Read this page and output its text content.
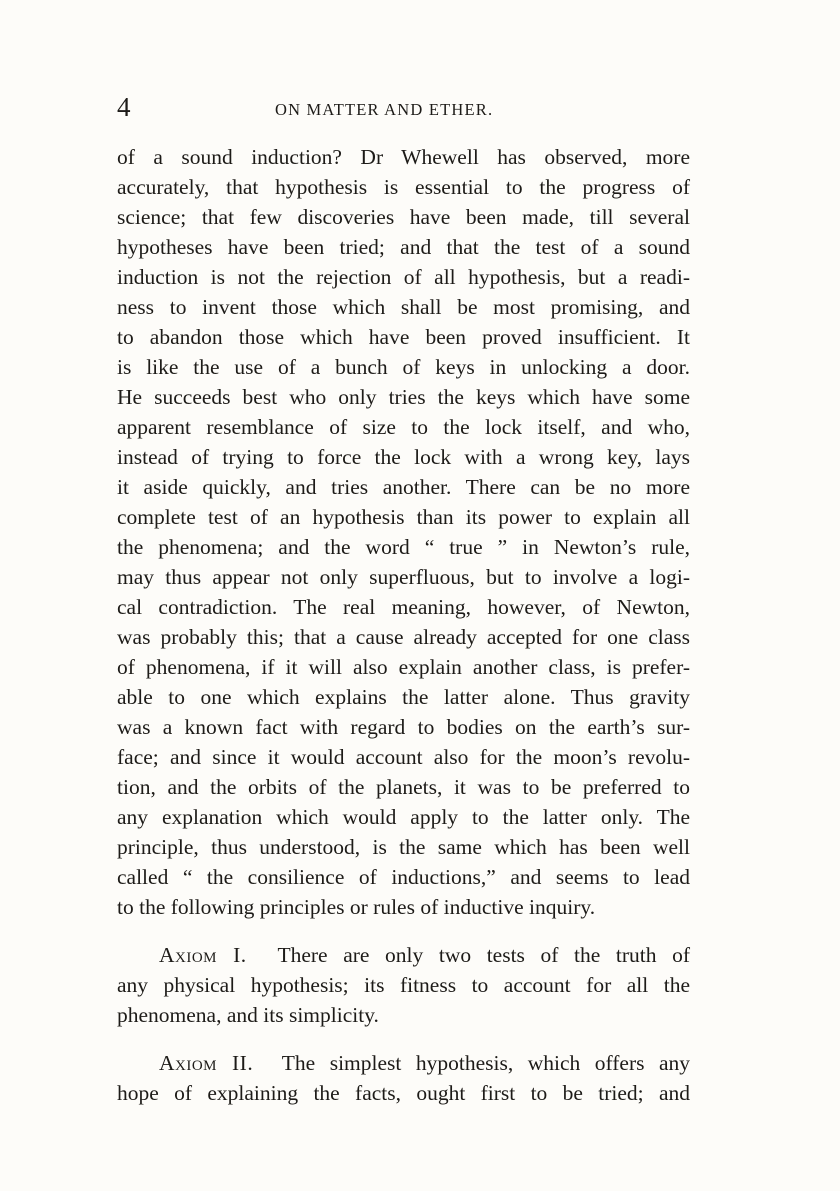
4	ON MATTER AND ETHER.
of a sound induction? Dr Whewell has observed, more
accurately, that hypothesis is essential to the progress of
science; that few discoveries have been made, till several
hypotheses have been tried; and that the test of a sound
induction is not the rejection of all hypothesis, but a readi-
ness to invent those which shall be most promising, and
to abandon those which have been proved insufficient. It
is like the use of a bunch of keys in unlocking a door.
He succeeds best who only tries the keys which have some
apparent resemblance of size to the lock itself, and who,
instead of trying to force the lock with a wrong key, lays
it aside quickly, and tries another. There can be no more
complete test of an hypothesis than its power to explain all
the phenomena; and the word “ true ” in Newton’s rule,
may thus appear not only superfluous, but to involve a logi-
cal contradiction. The real meaning, however, of Newton,
was probably this; that a cause already accepted for one class
of phenomena, if it will also explain another class, is prefer-
able to one which explains the latter alone. Thus gravity
was a known fact with regard to bodies on the earth’s sur-
face; and since it would account also for the moon’s revolu-
tion, and the orbits of the planets, it was to be preferred to
any explanation which would apply to the latter only. The
principle, thus understood, is the same which has been well
called “ the consilience of inductions,” and seems to lead
to the following principles or rules of inductive inquiry.
Axiom I. There are only two tests of the truth of
any physical hypothesis; its fitness to account for all the
phenomena, and its simplicity.
Axiom II. The simplest hypothesis, which offers any
hope of explaining the facts, ought first to be tried; and
